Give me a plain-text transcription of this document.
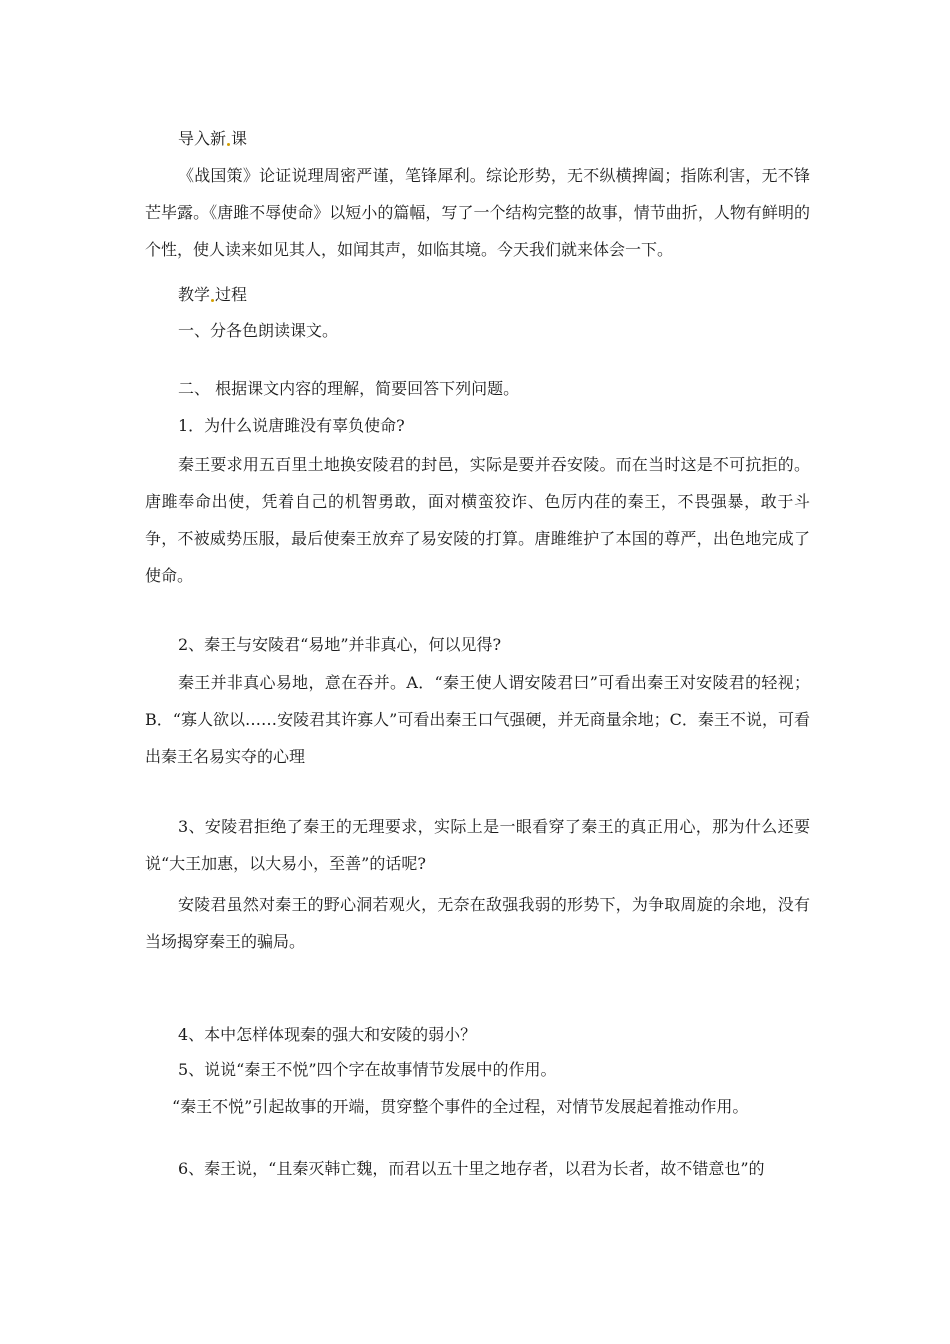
导入新 课

《战国策》论证说理周密严谨，笔锋犀利。综论形势，无不纵横捭阖；指陈利害，无不锋芒毕露。《唐雎不辱使命》以短小的篇幅，写了一个结构完整的故事，情节曲折，人物有鲜明的个性，使人读来如见其人，如闻其声，如临其境。今天我们就来体会一下。

教学 过程

一、分各色朗读课文。

二、 根据课文内容的理解，简要回答下列问题。

1．为什么说唐雎没有辜负使命?

秦王要求用五百里土地换安陵君的封邑，实际是要并吞安陵。而在当时这是不可抗拒的。唐雎奉命出使，凭着自己的机智勇敢，面对横蛮狡诈、色厉内荏的秦王，不畏强暴，敢于斗争，不被威势压服，最后使秦王放弃了易安陵的打算。唐雎维护了本国的尊严，出色地完成了使命。

2、秦王与安陵君“易地”并非真心，何以见得?

秦王并非真心易地，意在吞并。A．“秦王使人谓安陵君曰”可看出秦王对安陵君的轻视；B．“寡人欲以……安陵君其许寡人”可看出秦王口气强硬，并无商量余地；C．秦王不说，可看出秦王名易实夺的心理

3、安陵君拒绝了秦王的无理要求，实际上是一眼看穿了秦王的真正用心，那为什么还要说“大王加惠，以大易小，至善”的话呢?

安陵君虽然对秦王的野心洞若观火，无奈在敌强我弱的形势下，为争取周旋的余地，没有当场揭穿秦王的骗局。

4、本中怎样体现秦的强大和安陵的弱小？

5、说说“秦王不悦”四个字在故事情节发展中的作用。

“秦王不悦”引起故事的开端，贯穿整个事件的全过程，对情节发展起着推动作用。

6、秦王说，“且秦灭韩亡魏，而君以五十里之地存者，以君为长者，故不错意也”的
